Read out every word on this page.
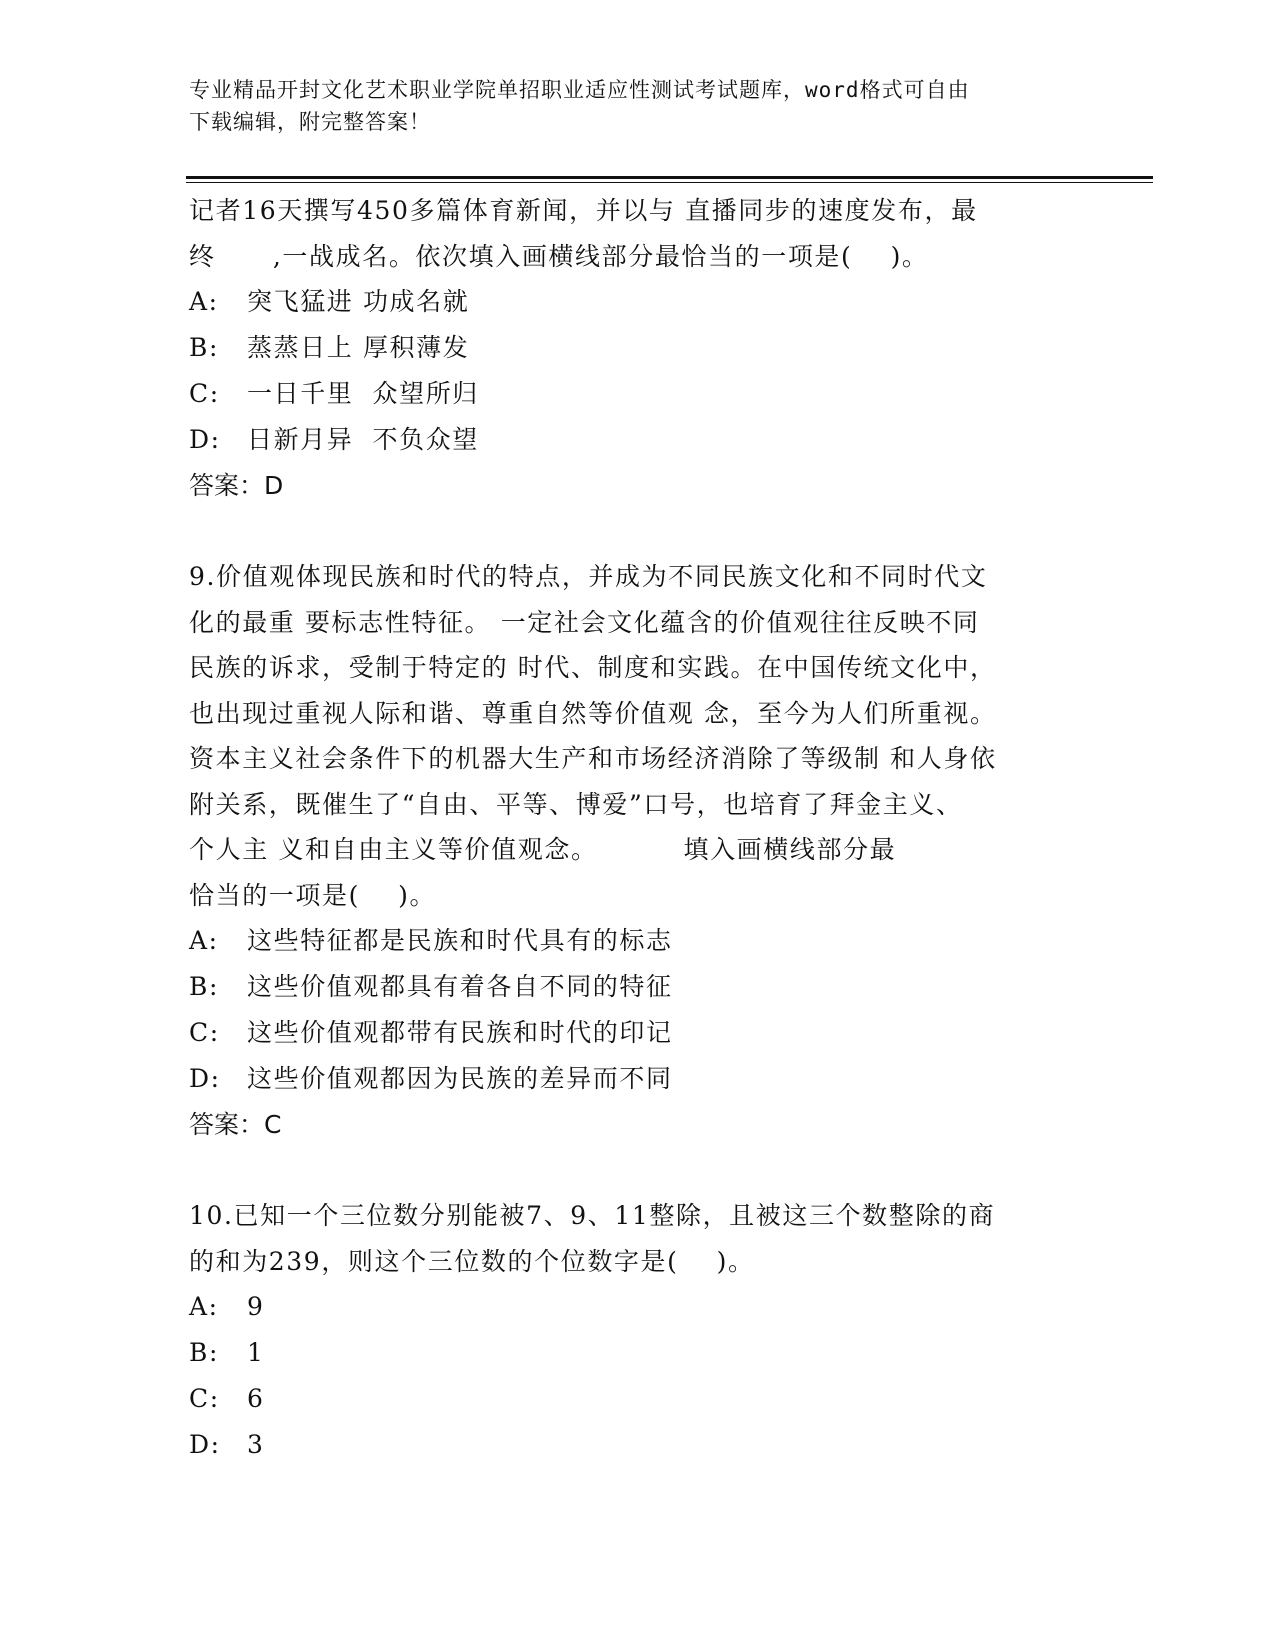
专业精品开封文化艺术职业学院单招职业适应性测试考试题库，word格式可自由
下载编辑，附完整答案！
记者16天撰写450多篇体育新闻，并以与 直播同步的速度发布，最
终      ,一战成名。依次填入画横线部分最恰当的一项是(    )。
A: 突飞猛进 功成名就
B: 蒸蒸日上 厚积薄发
C: 一日千里  众望所归
D: 日新月异  不负众望

答案：D

9.价值观体现民族和时代的特点，并成为不同民族文化和不同时代文
化的最重 要标志性特征。 一定社会文化蕴含的价值观往往反映不同
民族的诉求，受制于特定的 时代、制度和实践。在中国传统文化中，
也出现过重视人际和谐、尊重自然等价值观 念，至今为人们所重视。
资本主义社会条件下的机器大生产和市场经济消除了等级制 和人身依
附关系，既催生了“自由、平等、博爱”口号，也培育了拜金主义、
个人主 义和自由主义等价值观念。         填入画横线部分最
恰当的一项是(    )。
A: 这些特征都是民族和时代具有的标志
B: 这些价值观都具有着各自不同的特征
C: 这些价值观都带有民族和时代的印记
D: 这些价值观都因为民族的差异而不同

答案：C

10.已知一个三位数分别能被7、9、11整除，且被这三个数整除的商
的和为239，则这个三位数的个位数字是(    )。
A: 9
B: 1
C: 6
D: 3
